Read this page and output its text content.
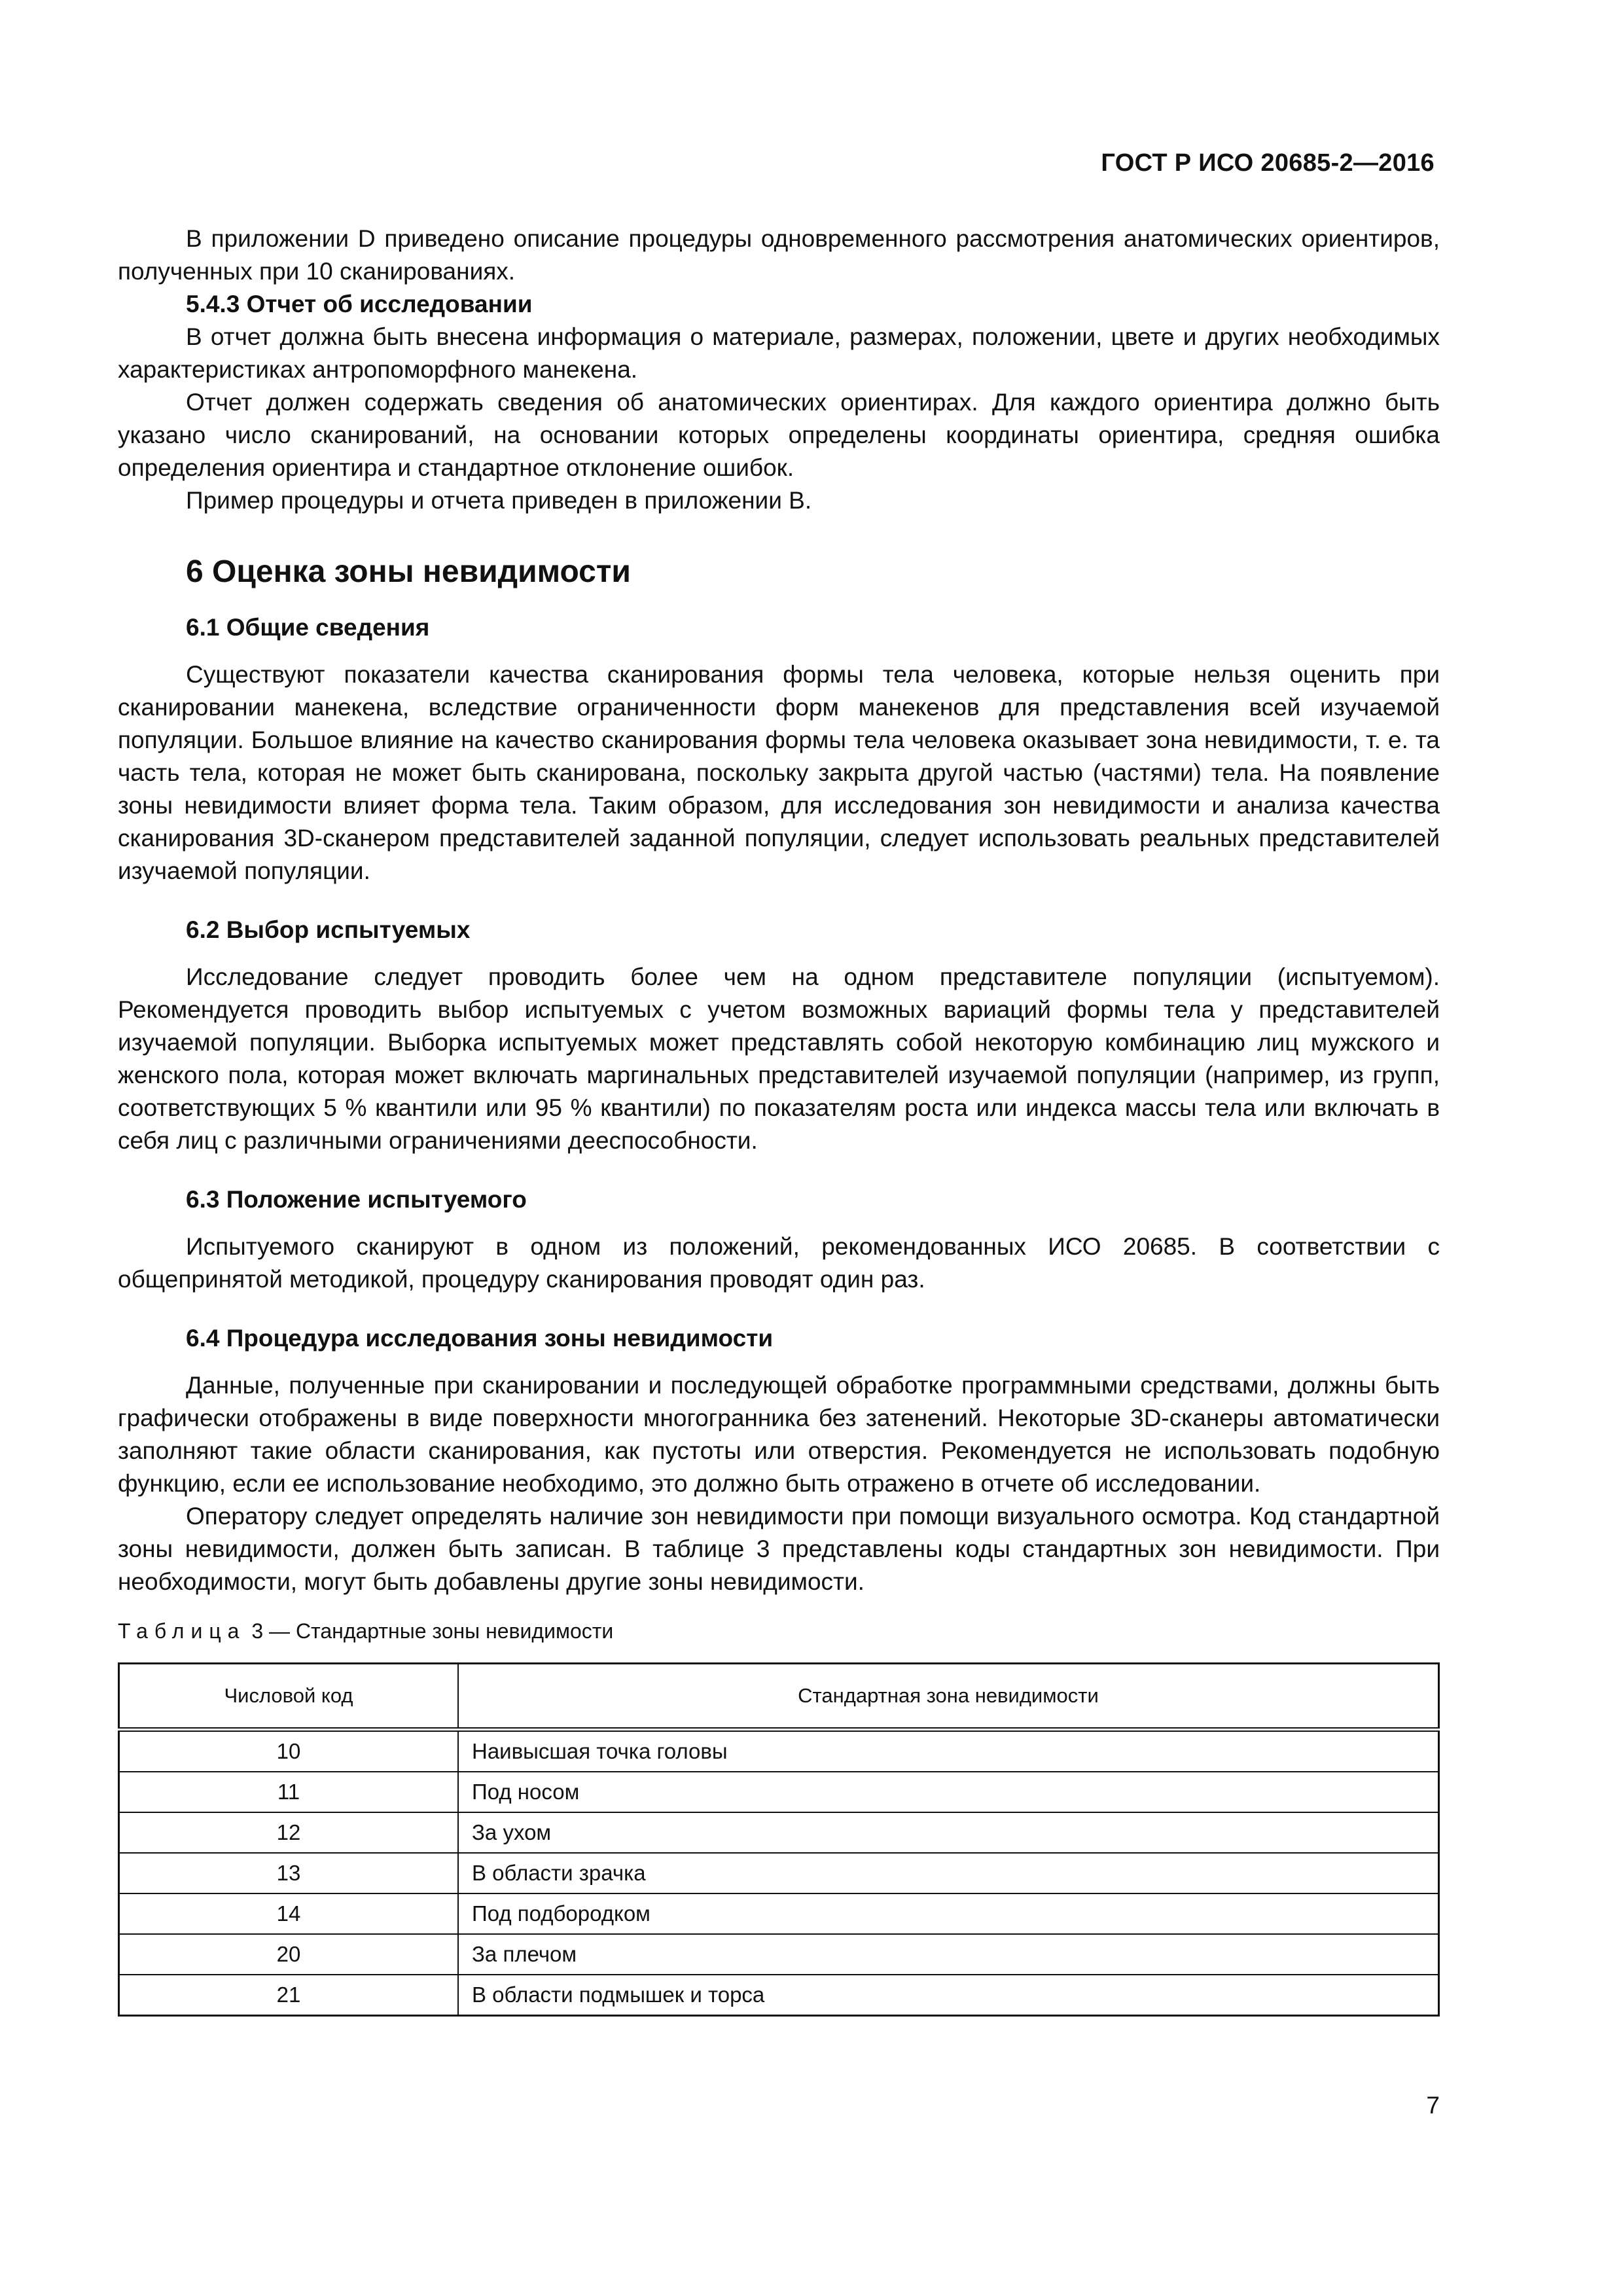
ГОСТ Р ИСО 20685-2—2016

В приложении D приведено описание процедуры одновременного рассмотрения анатомических ориентиров, полученных при 10 сканированиях.

5.4.3 Отчет об исследовании

В отчет должна быть внесена информация о материале, размерах, положении, цвете и других необходимых характеристиках антропоморфного манекена.

Отчет должен содержать сведения об анатомических ориентирах. Для каждого ориентира должно быть указано число сканирований, на основании которых определены координаты ориентира, средняя ошибка определения ориентира и стандартное отклонение ошибок.

Пример процедуры и отчета приведен в приложении В.

6 Оценка зоны невидимости

6.1 Общие сведения

Существуют показатели качества сканирования формы тела человека, которые нельзя оценить при сканировании манекена, вследствие ограниченности форм манекенов для представления всей изучаемой популяции. Большое влияние на качество сканирования формы тела человека оказывает зона невидимости, т. е. та часть тела, которая не может быть сканирована, поскольку закрыта другой частью (частями) тела. На появление зоны невидимости влияет форма тела. Таким образом, для исследования зон невидимости и анализа качества сканирования 3D-сканером представителей заданной популяции, следует использовать реальных представителей изучаемой популяции.

6.2 Выбор испытуемых

Исследование следует проводить более чем на одном представителе популяции (испытуемом). Рекомендуется проводить выбор испытуемых с учетом возможных вариаций формы тела у представителей изучаемой популяции. Выборка испытуемых может представлять собой некоторую комбинацию лиц мужского и женского пола, которая может включать маргинальных представителей изучаемой популяции (например, из групп, соответствующих 5 % квантили или 95 % квантили) по показателям роста или индекса массы тела или включать в себя лиц с различными ограничениями дееспособности.

6.3 Положение испытуемого

Испытуемого сканируют в одном из положений, рекомендованных ИСО 20685. В соответствии с общепринятой методикой, процедуру сканирования проводят один раз.

6.4 Процедура исследования зоны невидимости

Данные, полученные при сканировании и последующей обработке программными средствами, должны быть графически отображены в виде поверхности многогранника без затенений. Некоторые 3D-сканеры автоматически заполняют такие области сканирования, как пустоты или отверстия. Рекомендуется не использовать подобную функцию, если ее использование необходимо, это должно быть отражено в отчете об исследовании.

Оператору следует определять наличие зон невидимости при помощи визуального осмотра. Код стандартной зоны невидимости, должен быть записан. В таблице 3 представлены коды стандартных зон невидимости. При необходимости, могут быть добавлены другие зоны невидимости.

Таблица 3 — Стандартные зоны невидимости
Числовой код	Стандартная зона невидимости
10	Наивысшая точка головы
11	Под носом
12	За ухом
13	В области зрачка
14	Под подбородком
20	За плечом
21	В области подмышек и торса
7
